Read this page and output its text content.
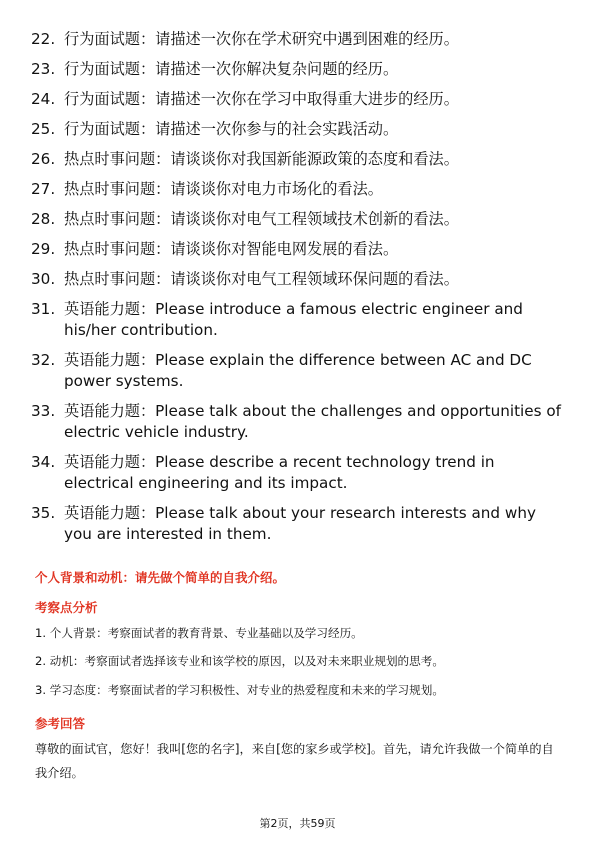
22. 行为面试题：请描述一次你在学术研究中遇到困难的经历。
23. 行为面试题：请描述一次你解决复杂问题的经历。
24. 行为面试题：请描述一次你在学习中取得重大进步的经历。
25. 行为面试题：请描述一次你参与的社会实践活动。
26. 热点时事问题：请谈谈你对我国新能源政策的态度和看法。
27. 热点时事问题：请谈谈你对电力市场化的看法。
28. 热点时事问题：请谈谈你对电气工程领域技术创新的看法。
29. 热点时事问题：请谈谈你对智能电网发展的看法。
30. 热点时事问题：请谈谈你对电气工程领域环保问题的看法。
31. 英语能力题：Please introduce a famous electric engineer and his/her contribution.
32. 英语能力题：Please explain the difference between AC and DC power systems.
33. 英语能力题：Please talk about the challenges and opportunities of electric vehicle industry.
34. 英语能力题：Please describe a recent technology trend in electrical engineering and its impact.
35. 英语能力题：Please talk about your research interests and why you are interested in them.
个人背景和动机：请先做个简单的自我介绍。
考察点分析
1. 个人背景：考察面试者的教育背景、专业基础以及学习经历。
2. 动机：考察面试者选择该专业和该学校的原因，以及对未来职业规划的思考。
3. 学习态度：考察面试者的学习积极性、对专业的热爱程度和未来的学习规划。
参考回答
尊敬的面试官，您好！我叫[您的名字]，来自[您的家乡或学校]。首先，请允许我做一个简单的自我介绍。
第2页，共59页
